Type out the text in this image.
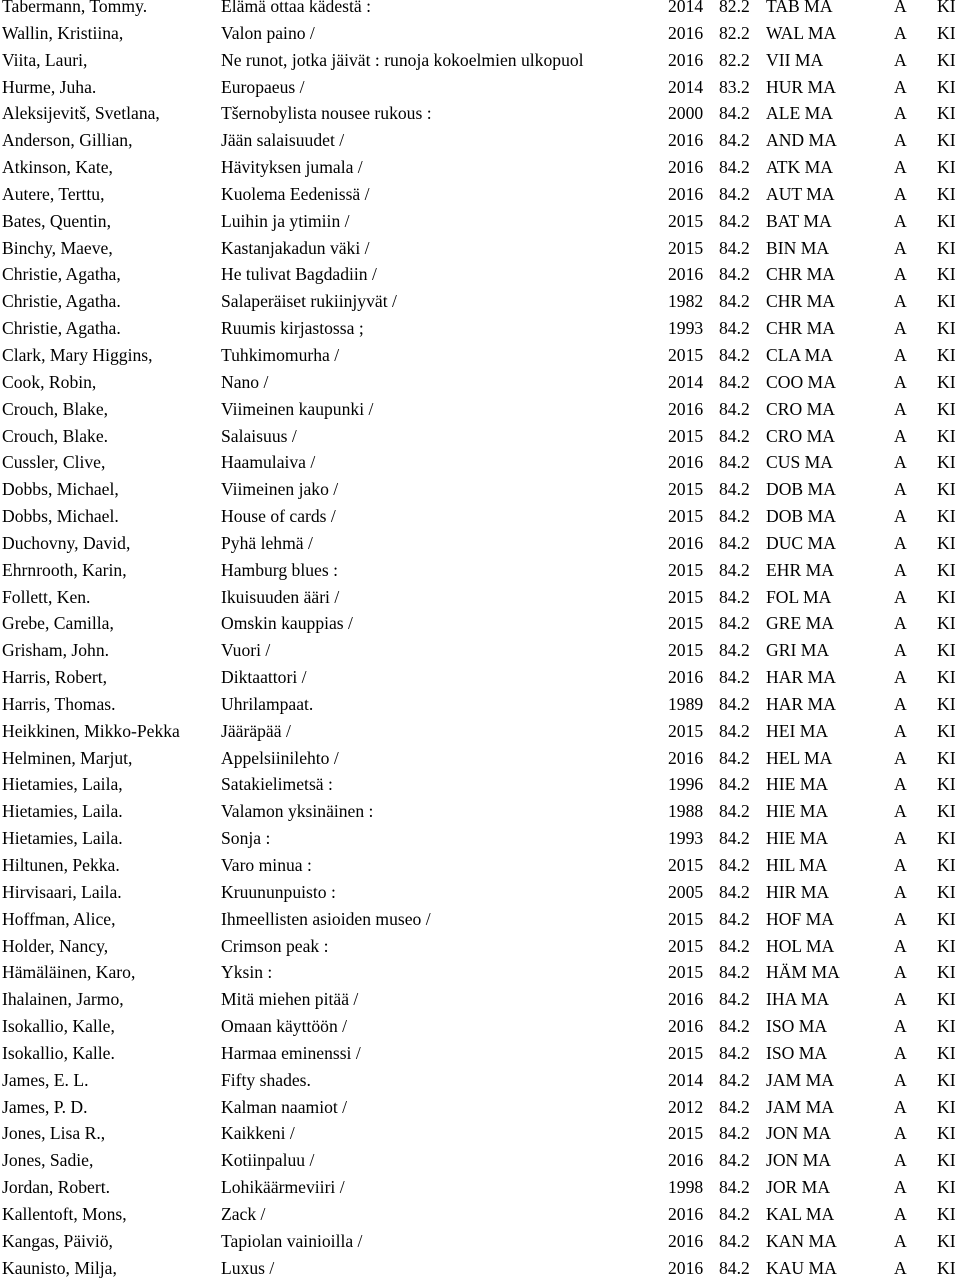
Tabermann, Tommy.	Elämä ottaa kädestä :	2014 82.2 TAB MA	A	KI
Wallin, Kristiina,	Valon paino /	2016 82.2 WAL MA	A	KI
Viita, Lauri,	Ne runot, jotka jäivät : runoja kokoelmien ulkopuol	2016 82.2 VII MA	A	KI
Hurme, Juha.	Europaeus /	2014 83.2 HUR MA	A	KI
Aleksijevitš, Svetlana,	Tšernobylista nousee rukous :	2000 84.2 ALE MA	A	KI
Anderson, Gillian,	Jään salaisuudet /	2016 84.2 AND MA	A	KI
Atkinson, Kate,	Hävityksen jumala /	2016 84.2 ATK MA	A	KI
Autere, Terttu,	Kuolema Eedenissä /	2016 84.2 AUT MA	A	KI
Bates, Quentin,	Luihin ja ytimiin /	2015 84.2 BAT MA	A	KI
Binchy, Maeve,	Kastanjakadun väki /	2015 84.2 BIN MA	A	KI
Christie, Agatha,	He tulivat Bagdadiin /	2016 84.2 CHR MA	A	KI
Christie, Agatha.	Salaperäiset rukiinjyvät /	1982 84.2 CHR MA	A	KI
Christie, Agatha.	Ruumis kirjastossa ;	1993 84.2 CHR MA	A	KI
Clark, Mary Higgins,	Tuhkimomurha /	2015 84.2 CLA MA	A	KI
Cook, Robin,	Nano /	2014 84.2 COO MA	A	KI
Crouch, Blake,	Viimeinen kaupunki /	2016 84.2 CRO MA	A	KI
Crouch, Blake.	Salaisuus /	2015 84.2 CRO MA	A	KI
Cussler, Clive,	Haamulaiva /	2016 84.2 CUS MA	A	KI
Dobbs, Michael,	Viimeinen jako /	2015 84.2 DOB MA	A	KI
Dobbs, Michael.	House of cards /	2015 84.2 DOB MA	A	KI
Duchovny, David,	Pyhä lehmä /	2016 84.2 DUC MA	A	KI
Ehrnrooth, Karin,	Hamburg blues :	2015 84.2 EHR MA	A	KI
Follett, Ken.	Ikuisuuden ääri /	2015 84.2 FOL MA	A	KI
Grebe, Camilla,	Omskin kauppias /	2015 84.2 GRE MA	A	KI
Grisham, John.	Vuori /	2015 84.2 GRI MA	A	KI
Harris, Robert,	Diktaattori /	2016 84.2 HAR MA	A	KI
Harris, Thomas.	Uhrilampaat.	1989 84.2 HAR MA	A	KI
Heikkinen, Mikko-Pekka	Jääräpää /	2015 84.2 HEI MA	A	KI
Helminen, Marjut,	Appelsiinilehto /	2016 84.2 HEL MA	A	KI
Hietamies, Laila,	Satakielimetsä :	1996 84.2 HIE MA	A	KI
Hietamies, Laila.	Valamon yksinäinen :	1988 84.2 HIE MA	A	KI
Hietamies, Laila.	Sonja :	1993 84.2 HIE MA	A	KI
Hiltunen, Pekka.	Varo minua :	2015 84.2 HIL MA	A	KI
Hirvisaari, Laila.	Kruununpuisto :	2005 84.2 HIR MA	A	KI
Hoffman, Alice,	Ihmeellisten asioiden museo /	2015 84.2 HOF MA	A	KI
Holder, Nancy,	Crimson peak :	2015 84.2 HOL MA	A	KI
Hämäläinen, Karo,	Yksin :	2015 84.2 HÄM MA	A	KI
Ihalainen, Jarmo,	Mitä miehen pitää /	2016 84.2 IHA MA	A	KI
Isokallio, Kalle,	Omaan käyttöön /	2016 84.2 ISO MA	A	KI
Isokallio, Kalle.	Harmaa eminenssi /	2015 84.2 ISO MA	A	KI
James, E. L.	Fifty shades.	2014 84.2 JAM MA	A	KI
James, P. D.	Kalman naamiot /	2012 84.2 JAM MA	A	KI
Jones, Lisa R.,	Kaikkeni /	2015 84.2 JON MA	A	KI
Jones, Sadie,	Kotiinpaluu /	2016 84.2 JON MA	A	KI
Jordan, Robert.	Lohikäärmeviiri /	1998 84.2 JOR MA	A	KI
Kallentoft, Mons,	Zack /	2016 84.2 KAL MA	A	KI
Kangas, Päiviö,	Tapiolan vainioilla /	2016 84.2 KAN MA	A	KI
Kaunisto, Milja,	Luxus /	2016 84.2 KAU MA	A	KI
